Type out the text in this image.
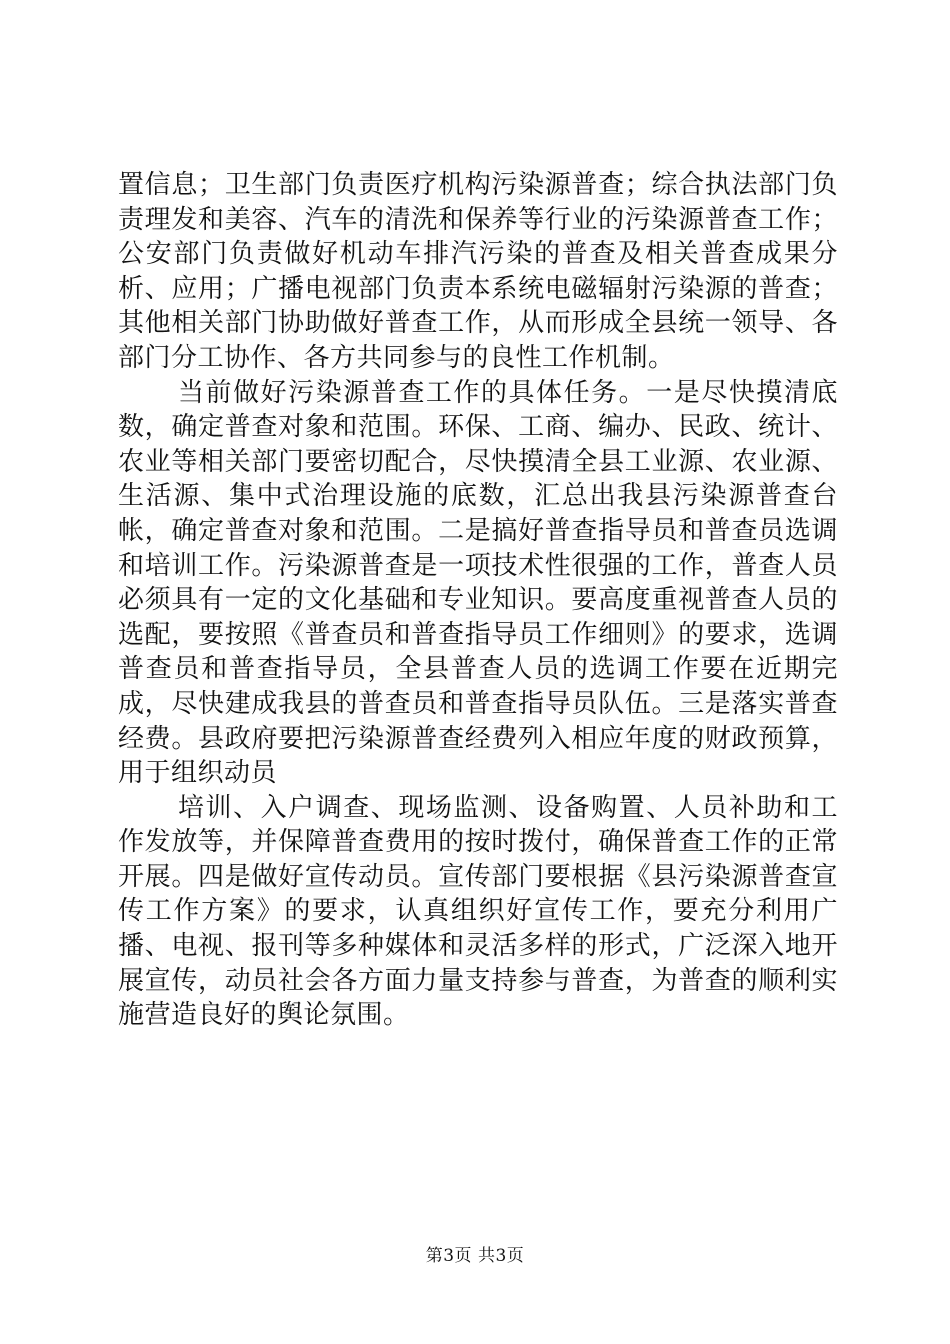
置信息；卫生部门负责医疗机构污染源普查；综合执法部门负责理发和美容、汽车的清洗和保养等行业的污染源普查工作；公安部门负责做好机动车排汽污染的普查及相关普查成果分析、应用；广播电视部门负责本系统电磁辐射污染源的普查；其他相关部门协助做好普查工作，从而形成全县统一领导、各部门分工协作、各方共同参与的良性工作机制。

当前做好污染源普查工作的具体任务。一是尽快摸清底数，确定普查对象和范围。环保、工商、编办、民政、统计、农业等相关部门要密切配合，尽快摸清全县工业源、农业源、生活源、集中式治理设施的底数，汇总出我县污染源普查台帐，确定普查对象和范围。二是搞好普查指导员和普查员选调和培训工作。污染源普查是一项技术性很强的工作，普查人员必须具有一定的文化基础和专业知识。要高度重视普查人员的选配，要按照《普查员和普查指导员工作细则》的要求，选调普查员和普查指导员，全县普查人员的选调工作要在近期完成，尽快建成我县的普查员和普查指导员队伍。三是落实普查经费。县政府要把污染源普查经费列入相应年度的财政预算，用于组织动员

培训、入户调查、现场监测、设备购置、人员补助和工作发放等，并保障普查费用的按时拨付，确保普查工作的正常开展。四是做好宣传动员。宣传部门要根据《县污染源普查宣传工作方案》的要求，认真组织好宣传工作，要充分利用广播、电视、报刊等多种媒体和灵活多样的形式，广泛深入地开展宣传，动员社会各方面力量支持参与普查，为普查的顺利实施营造良好的舆论氛围。

第3页 共3页
